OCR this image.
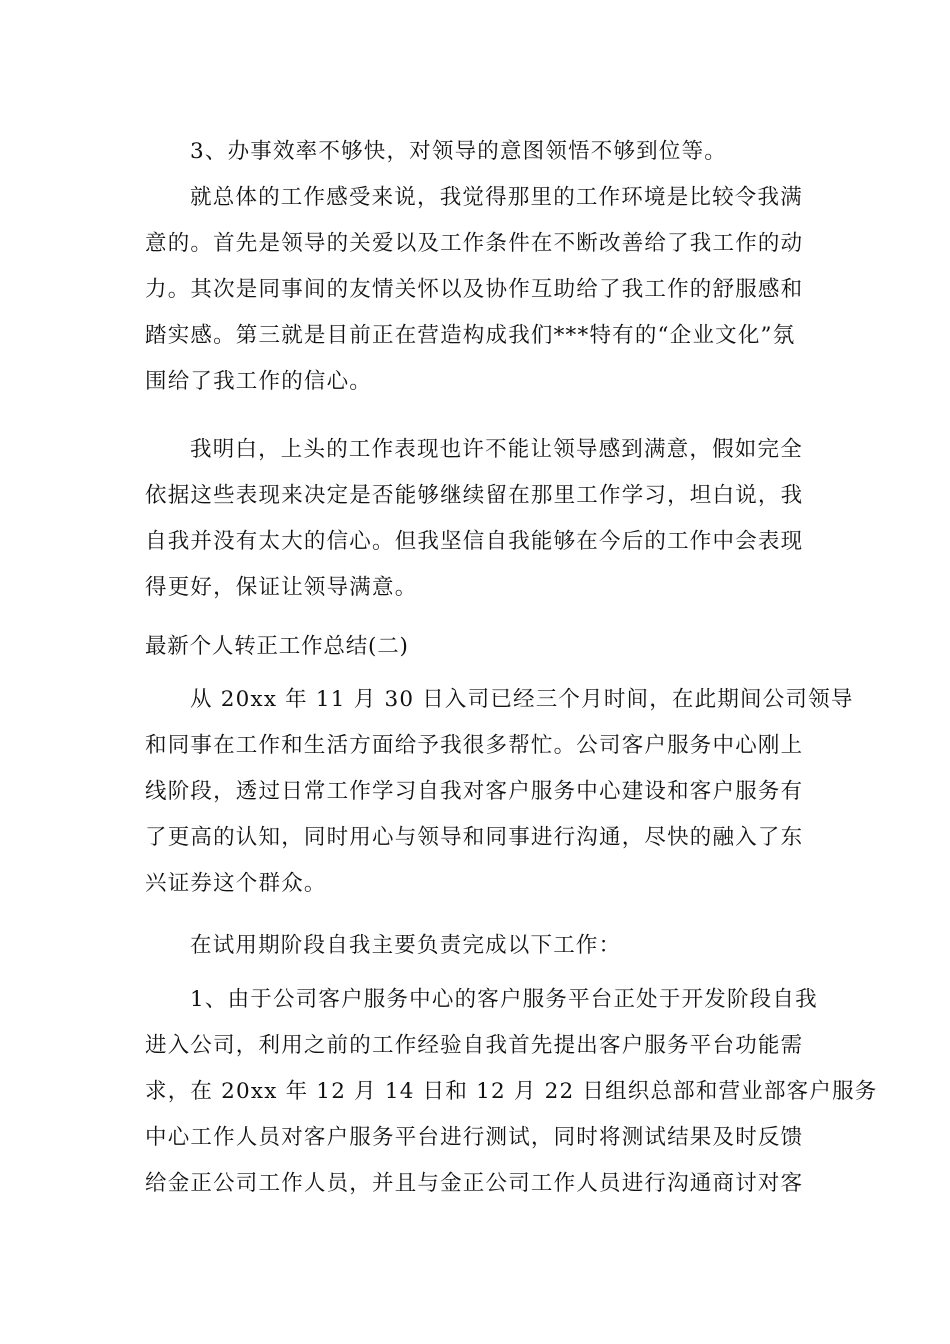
3、办事效率不够快，对领导的意图领悟不够到位等。
就总体的工作感受来说，我觉得那里的工作环境是比较令我满
意的。首先是领导的关爱以及工作条件在不断改善给了我工作的动
力。其次是同事间的友情关怀以及协作互助给了我工作的舒服感和
踏实感。第三就是目前正在营造构成我们***特有的“企业文化”氛
围给了我工作的信心。
我明白，上头的工作表现也许不能让领导感到满意，假如完全
依据这些表现来决定是否能够继续留在那里工作学习，坦白说，我
自我并没有太大的信心。但我坚信自我能够在今后的工作中会表现
得更好，保证让领导满意。
最新个人转正工作总结(二)
从 20xx 年 11 月 30 日入司已经三个月时间，在此期间公司领导
和同事在工作和生活方面给予我很多帮忙。公司客户服务中心刚上
线阶段，透过日常工作学习自我对客户服务中心建设和客户服务有
了更高的认知，同时用心与领导和同事进行沟通，尽快的融入了东
兴证券这个群众。
在试用期阶段自我主要负责完成以下工作：
1、由于公司客户服务中心的客户服务平台正处于开发阶段自我
进入公司，利用之前的工作经验自我首先提出客户服务平台功能需
求，在 20xx 年 12 月 14 日和 12 月 22 日组织总部和营业部客户服务
中心工作人员对客户服务平台进行测试，同时将测试结果及时反馈
给金正公司工作人员，并且与金正公司工作人员进行沟通商讨对客
